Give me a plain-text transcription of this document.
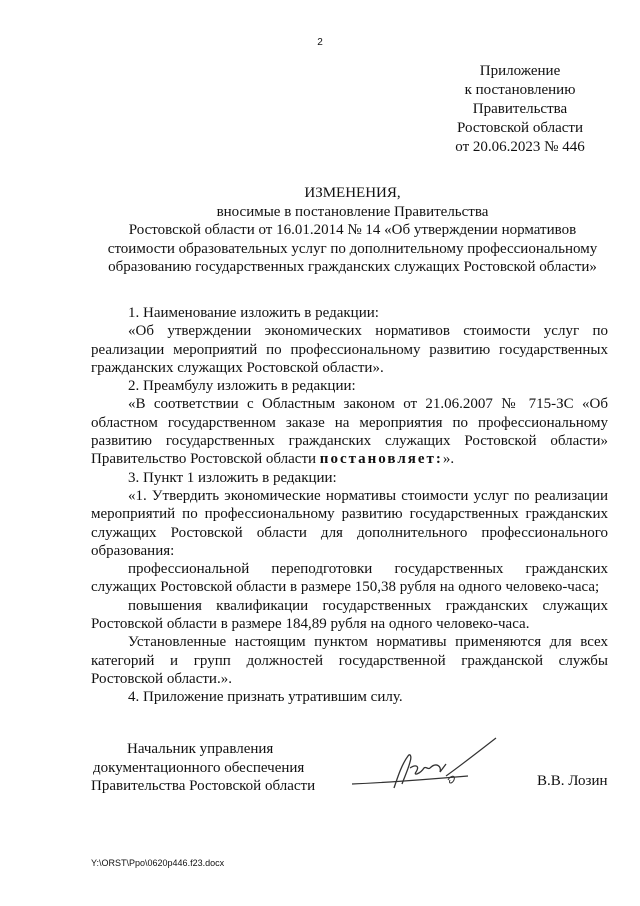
2
Приложение
к постановлению
Правительства
Ростовской области
от 20.06.2023 № 446
ИЗМЕНЕНИЯ,
вносимые в постановление Правительства
Ростовской области от 16.01.2014 № 14 «Об утверждении нормативов
стоимости образовательных услуг по дополнительному профессиональному
образованию государственных гражданских служащих Ростовской области»
1. Наименование изложить в редакции:
«Об утверждении экономических нормативов стоимости услуг по реализации мероприятий по профессиональному развитию государственных гражданских служащих Ростовской области».
2. Преамбулу изложить в редакции:
«В соответствии с Областным законом от 21.06.2007 № 715-ЗС «Об областном государственном заказе на мероприятия по профессиональному развитию государственных гражданских служащих Ростовской области» Правительство Ростовской области постановляет:».
3. Пункт 1 изложить в редакции:
«1. Утвердить экономические нормативы стоимости услуг по реализации мероприятий по профессиональному развитию государственных гражданских служащих Ростовской области для дополнительного профессионального образования:
профессиональной переподготовки государственных гражданских служащих Ростовской области в размере 150,38 рубля на одного человеко-часа;
повышения квалификации государственных гражданских служащих Ростовской области в размере 184,89 рубля на одного человеко-часа.
Установленные настоящим пунктом нормативы применяются для всех категорий и групп должностей государственной гражданской службы Ростовской области.».
4. Приложение признать утратившим силу.
Начальник управления
документационного обеспечения
Правительства Ростовской области	В.В. Лозин
Y:\ORST\Ppo\0620p446.f23.docx
